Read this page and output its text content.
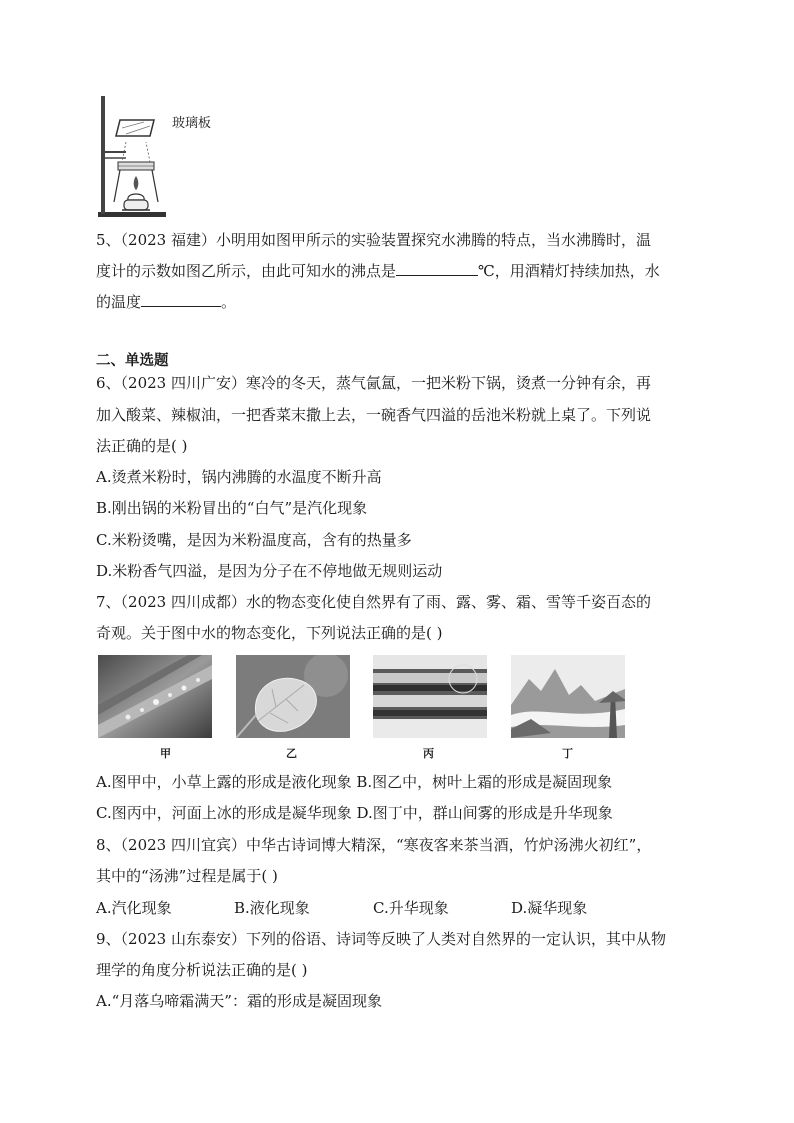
玻璃板
5、（2023 福建）小明用如图甲所示的实验装置探究水沸腾的特点，当水沸腾时，温
度计的示数如图乙所示，由此可知水的沸点是	℃，用酒精灯持续加热，水
的温度	。
二、单选题
6、（2023 四川广安）寒冷的冬天，蒸气氤氲，一把米粉下锅，烫煮一分钟有余，再
加入酸菜、辣椒油，一把香菜末撒上去，一碗香气四溢的岳池米粉就上桌了。下列说
法正确的是( )
A.烫煮米粉时，锅内沸腾的水温度不断升高
B.刚出锅的米粉冒出的“白气”是汽化现象
C.米粉烫嘴，是因为米粉温度高，含有的热量多
D.米粉香气四溢，是因为分子在不停地做无规则运动
7、（2023 四川成都）水的物态变化使自然界有了雨、露、雾、霜、雪等千姿百态的
奇观。关于图中水的物态变化，下列说法正确的是( )
甲	乙	丙	丁
A.图甲中，小草上露的形成是液化现象 B.图乙中，树叶上霜的形成是凝固现象
C.图丙中，河面上冰的形成是凝华现象 D.图丁中，群山间雾的形成是升华现象
8、（2023 四川宜宾）中华古诗词博大精深，“寒夜客来茶当酒，竹炉汤沸火初红”，
其中的“汤沸”过程是属于( )
A.汽化现象	B.液化现象	C.升华现象	D.凝华现象
9、（2023 山东泰安）下列的俗语、诗词等反映了人类对自然界的一定认识，其中从物
理学的角度分析说法正确的是( )
A.“月落乌啼霜满天”：霜的形成是凝固现象
